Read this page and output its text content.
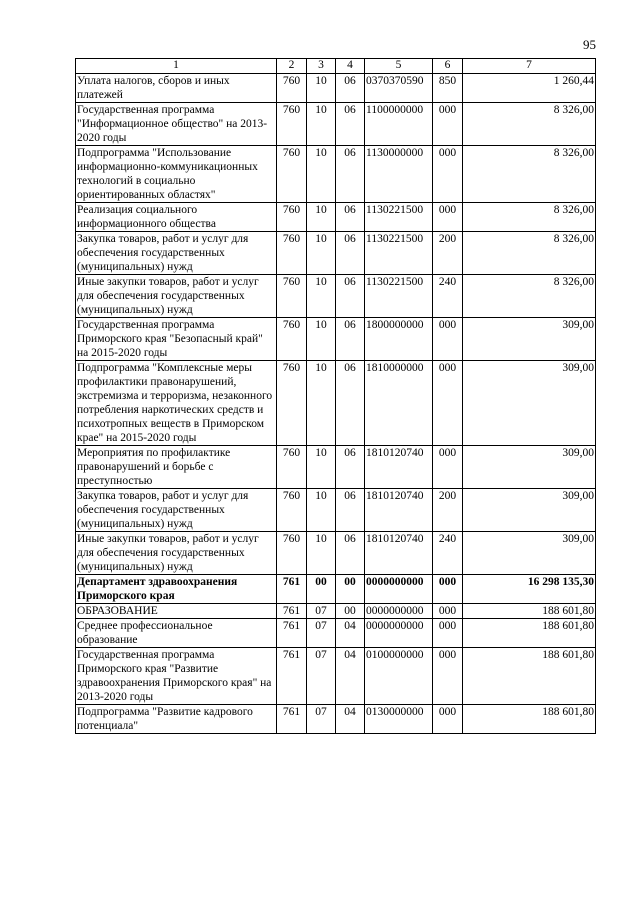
95
1	2	3	4	5	6	7
Уплата налогов, сборов и иных платежей	760	10	06	0370370590	850	1 260,44
Государственная программа "Информационное общество" на 2013-2020 годы	760	10	06	1100000000	000	8 326,00
Подпрограмма "Использование информационно-коммуникационных технологий в социально ориентированных областях"	760	10	06	1130000000	000	8 326,00
Реализация социального информационного общества	760	10	06	1130221500	000	8 326,00
Закупка товаров, работ и услуг для обеспечения государственных (муниципальных) нужд	760	10	06	1130221500	200	8 326,00
Иные закупки товаров, работ и услуг для обеспечения государственных (муниципальных) нужд	760	10	06	1130221500	240	8 326,00
Государственная программа Приморского края "Безопасный край" на 2015-2020 годы	760	10	06	1800000000	000	309,00
Подпрограмма "Комплексные меры профилактики правонарушений, экстремизма и терроризма, незаконного потребления наркотических средств и психотропных веществ в Приморском крае" на 2015-2020 годы	760	10	06	1810000000	000	309,00
Мероприятия по профилактике правонарушений и борьбе с преступностью	760	10	06	1810120740	000	309,00
Закупка товаров, работ и услуг для обеспечения государственных (муниципальных) нужд	760	10	06	1810120740	200	309,00
Иные закупки товаров, работ и услуг для обеспечения государственных (муниципальных) нужд	760	10	06	1810120740	240	309,00
Департамент здравоохранения Приморского края	761	00	00	0000000000	000	16 298 135,30
ОБРАЗОВАНИЕ	761	07	00	0000000000	000	188 601,80
Среднее профессиональное образование	761	07	04	0000000000	000	188 601,80
Государственная программа Приморского края "Развитие здравоохранения Приморского края" на 2013-2020 годы	761	07	04	0100000000	000	188 601,80
Подпрограмма "Развитие кадрового потенциала"	761	07	04	0130000000	000	188 601,80
